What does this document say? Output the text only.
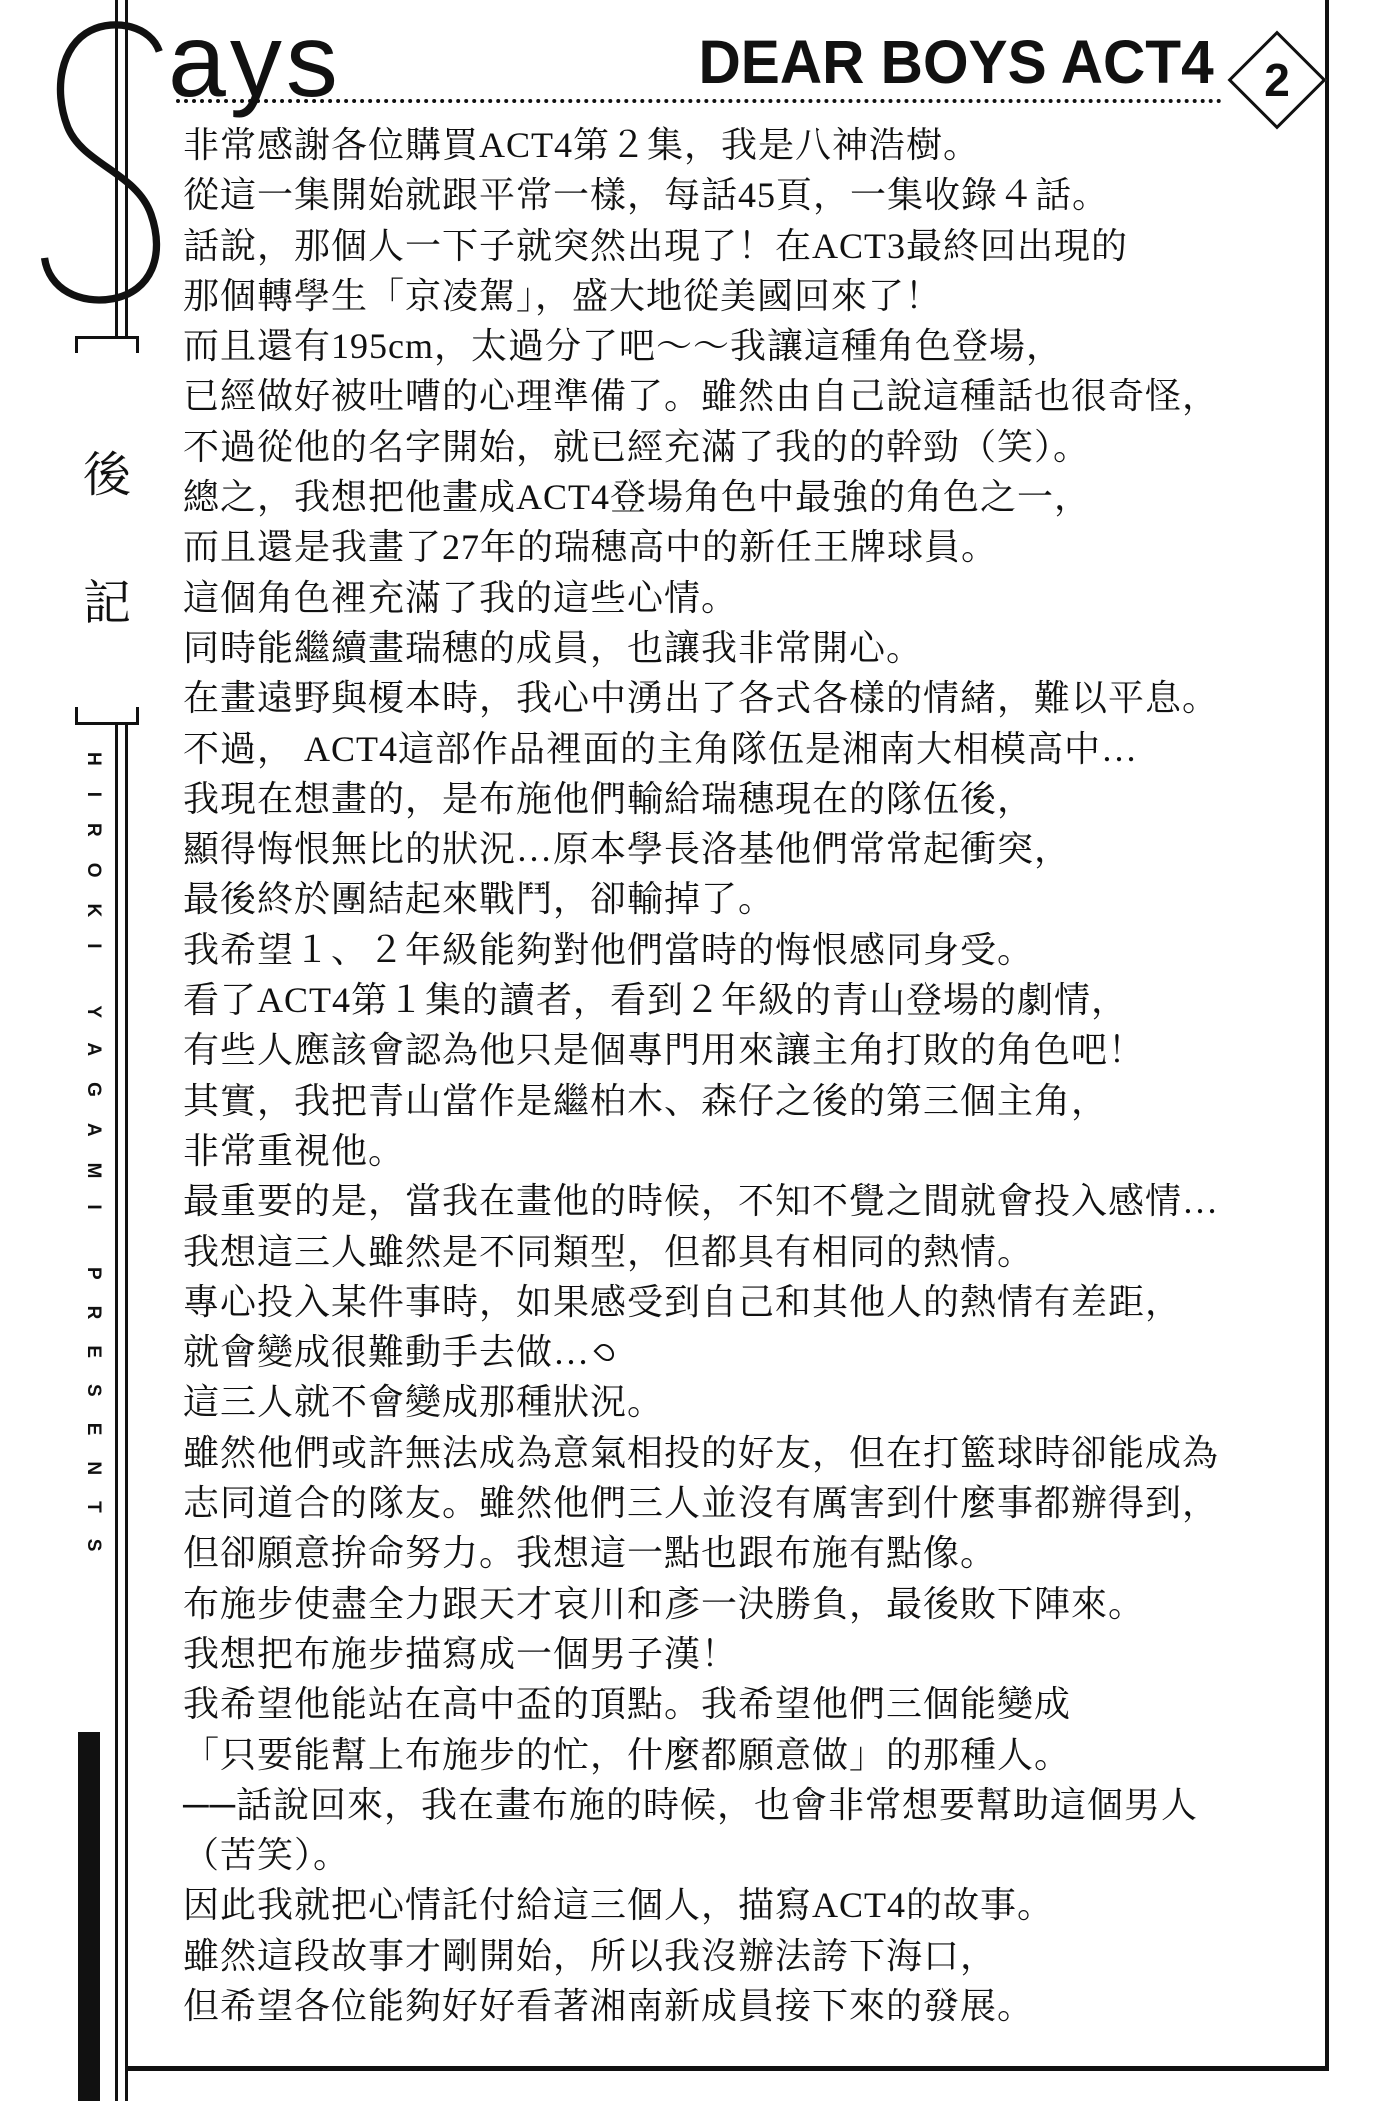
後
記
HIROKI YAGAMI PRESENTS
ays	DEAR BOYS ACT4	2
非常感謝各位購買ACT4第２集，我是八神浩樹。
從這一集開始就跟平常一樣，每話45頁，一集收錄４話。
話說，那個人一下子就突然出現了！在ACT3最終回出現的
那個轉學生「京凌駕」，盛大地從美國回來了！
而且還有195cm，太過分了吧～～我讓這種角色登場，
已經做好被吐嘈的心理準備了。雖然由自己說這種話也很奇怪，
不過從他的名字開始，就已經充滿了我的的幹勁（笑）。
總之，我想把他畫成ACT4登場角色中最強的角色之一，
而且還是我畫了27年的瑞穗高中的新任王牌球員。
這個角色裡充滿了我的這些心情。
同時能繼續畫瑞穗的成員，也讓我非常開心。
在畫遠野與榎本時，我心中湧出了各式各樣的情緒，難以平息。
不過， ACT4這部作品裡面的主角隊伍是湘南大相模高中…
我現在想畫的，是布施他們輸給瑞穗現在的隊伍後，
顯得悔恨無比的狀況…原本學長洛基他們常常起衝突，
最後終於團結起來戰鬥，卻輸掉了。
我希望１、２年級能夠對他們當時的悔恨感同身受。
看了ACT4第１集的讀者，看到２年級的青山登場的劇情，
有些人應該會認為他只是個專門用來讓主角打敗的角色吧！
其實，我把青山當作是繼柏木、森仔之後的第三個主角，
非常重視他。
最重要的是，當我在畫他的時候，不知不覺之間就會投入感情…
我想這三人雖然是不同類型，但都具有相同的熱情。
專心投入某件事時，如果感受到自己和其他人的熱情有差距，
就會變成很難動手去做…
這三人就不會變成那種狀況。
雖然他們或許無法成為意氣相投的好友，但在打籃球時卻能成為
志同道合的隊友。雖然他們三人並沒有厲害到什麼事都辦得到，
但卻願意拚命努力。我想這一點也跟布施有點像。
布施步使盡全力跟天才哀川和彥一決勝負，最後敗下陣來。
我想把布施步描寫成一個男子漢！
我希望他能站在高中盃的頂點。我希望他們三個能變成
「只要能幫上布施步的忙，什麼都願意做」的那種人。
──話說回來，我在畫布施的時候，也會非常想要幫助這個男人
（苦笑）。
因此我就把心情託付給這三個人，描寫ACT4的故事。
雖然這段故事才剛開始，所以我沒辦法誇下海口，
但希望各位能夠好好看著湘南新成員接下來的發展。
